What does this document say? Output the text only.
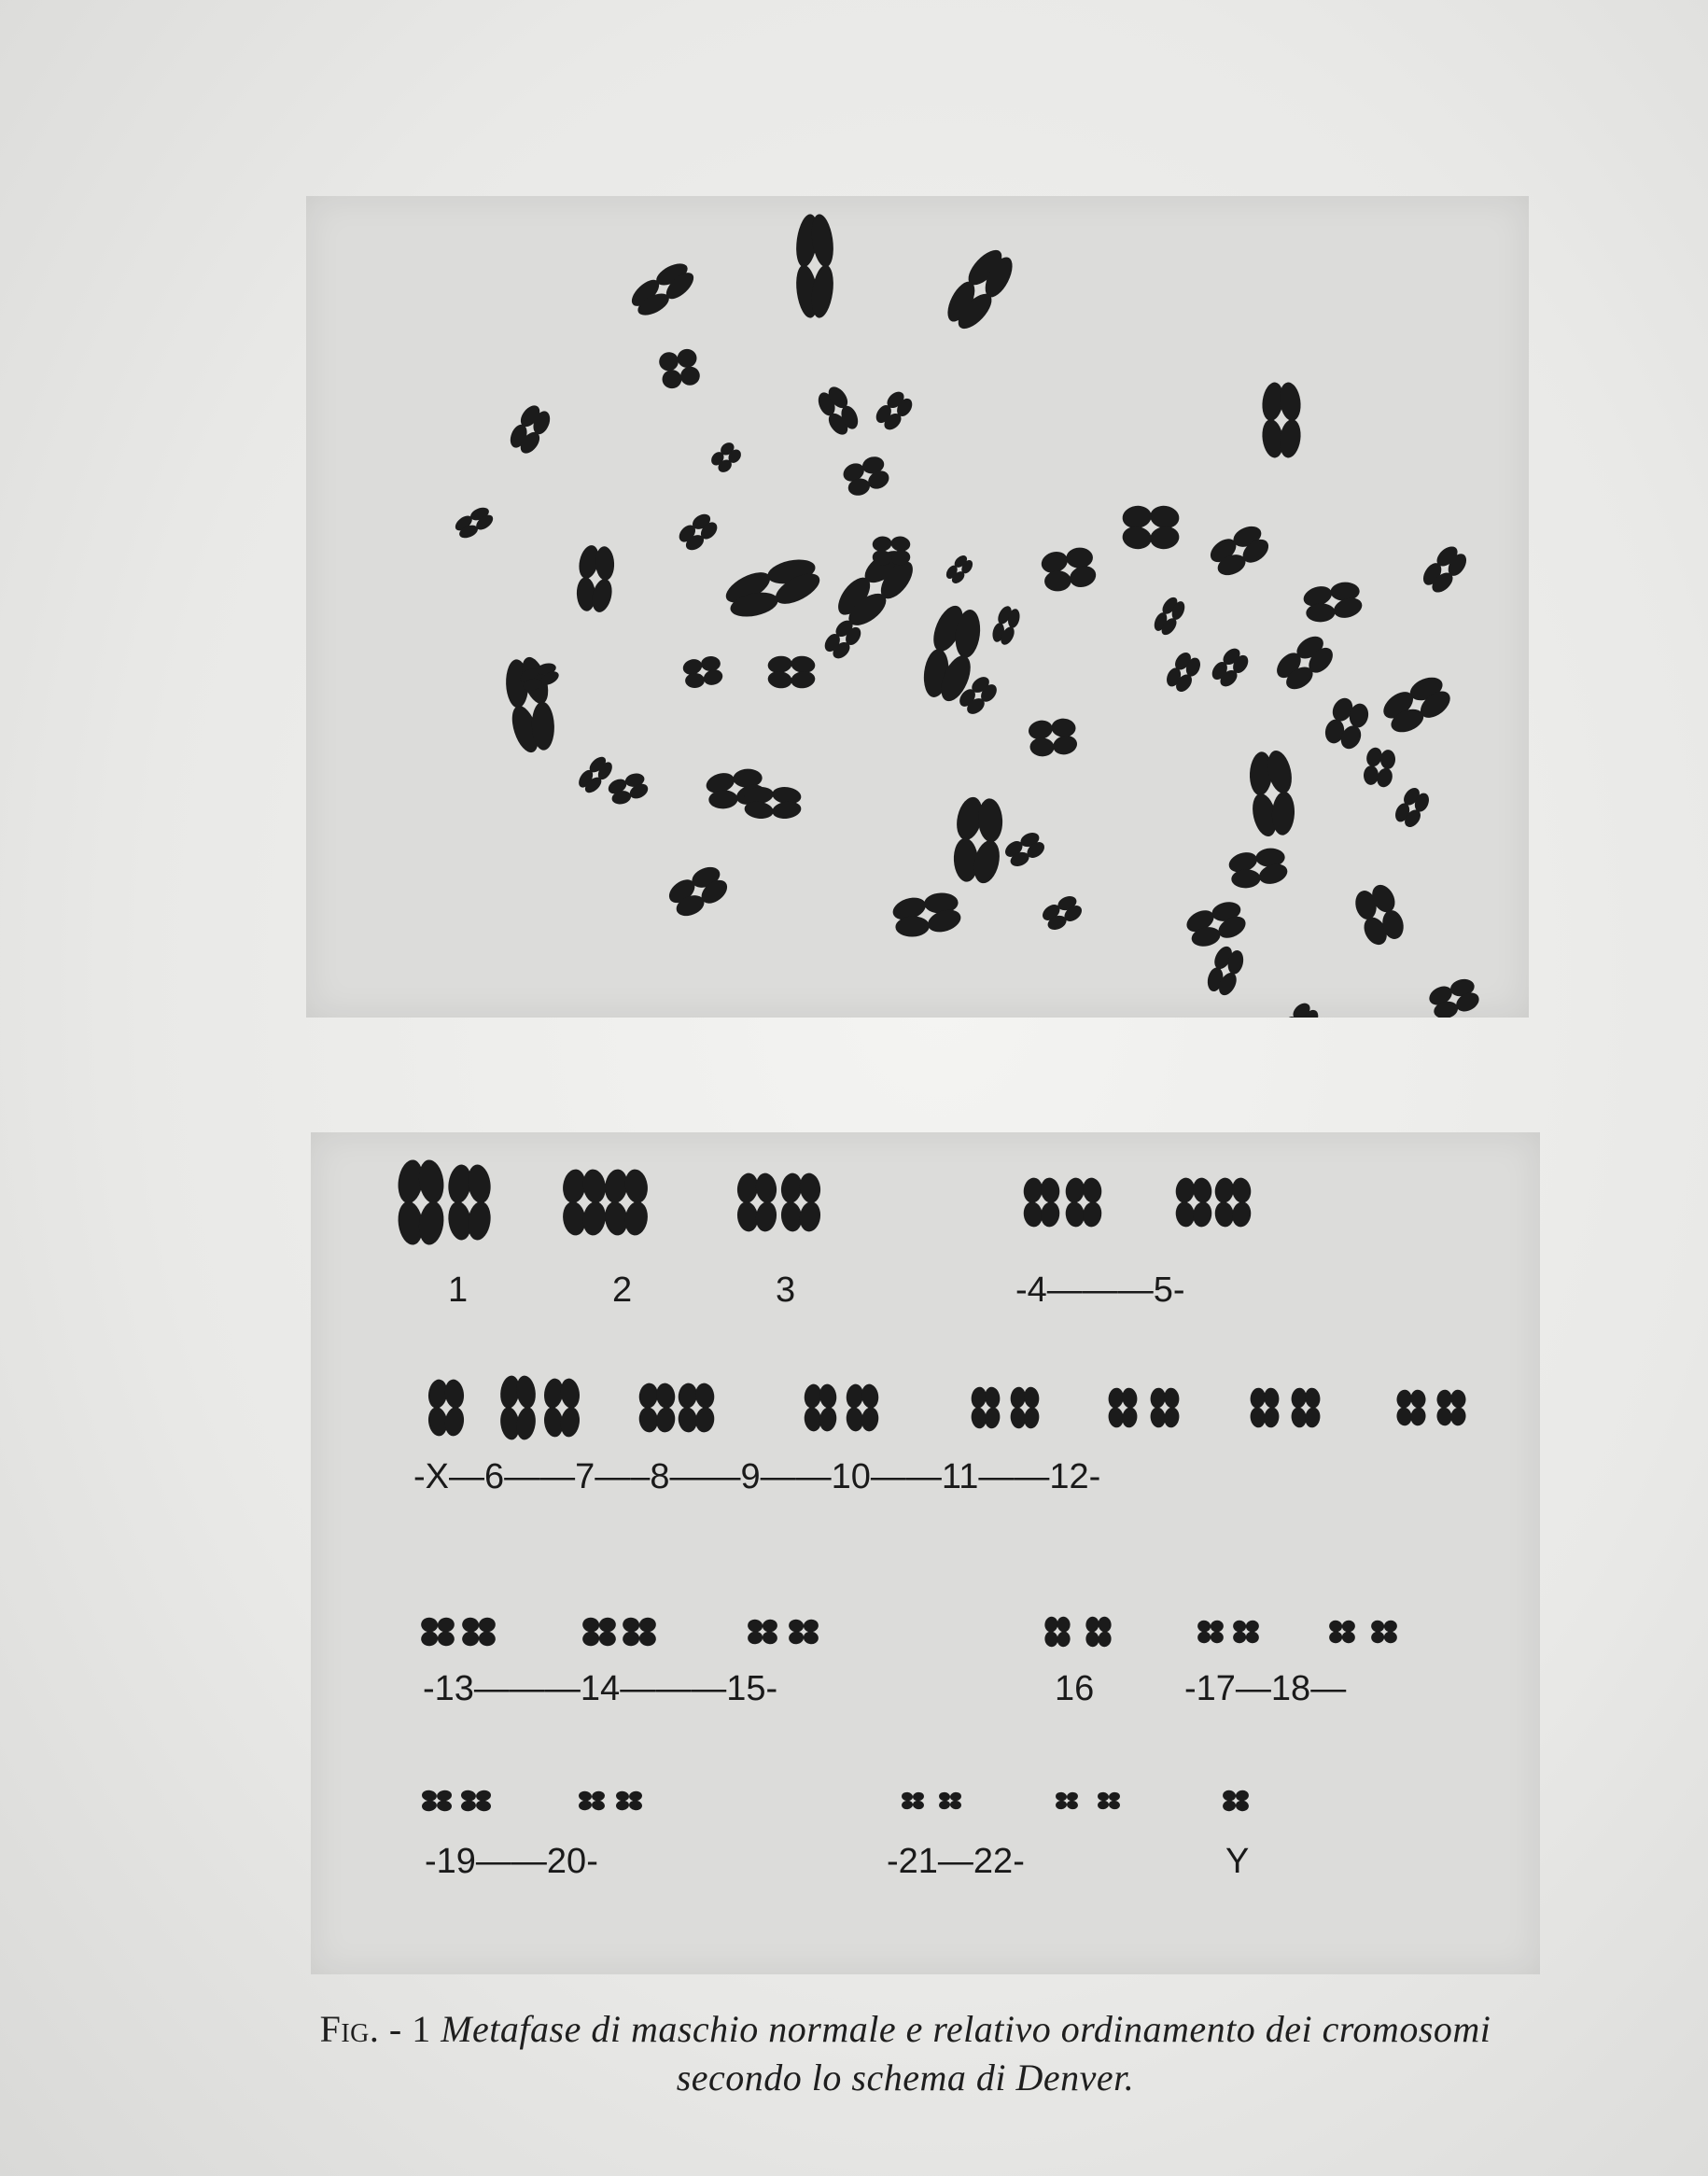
1	2	3	-4———5-
-X—6——7—–8——9——10——11——12-
-13———14———15-	16	-17—18—
-19——20-	-21—22-	Y
Fig. - 1 Metafase di maschio normale e relativo ordinamento dei cromosomi
secondo lo schema di Denver.
